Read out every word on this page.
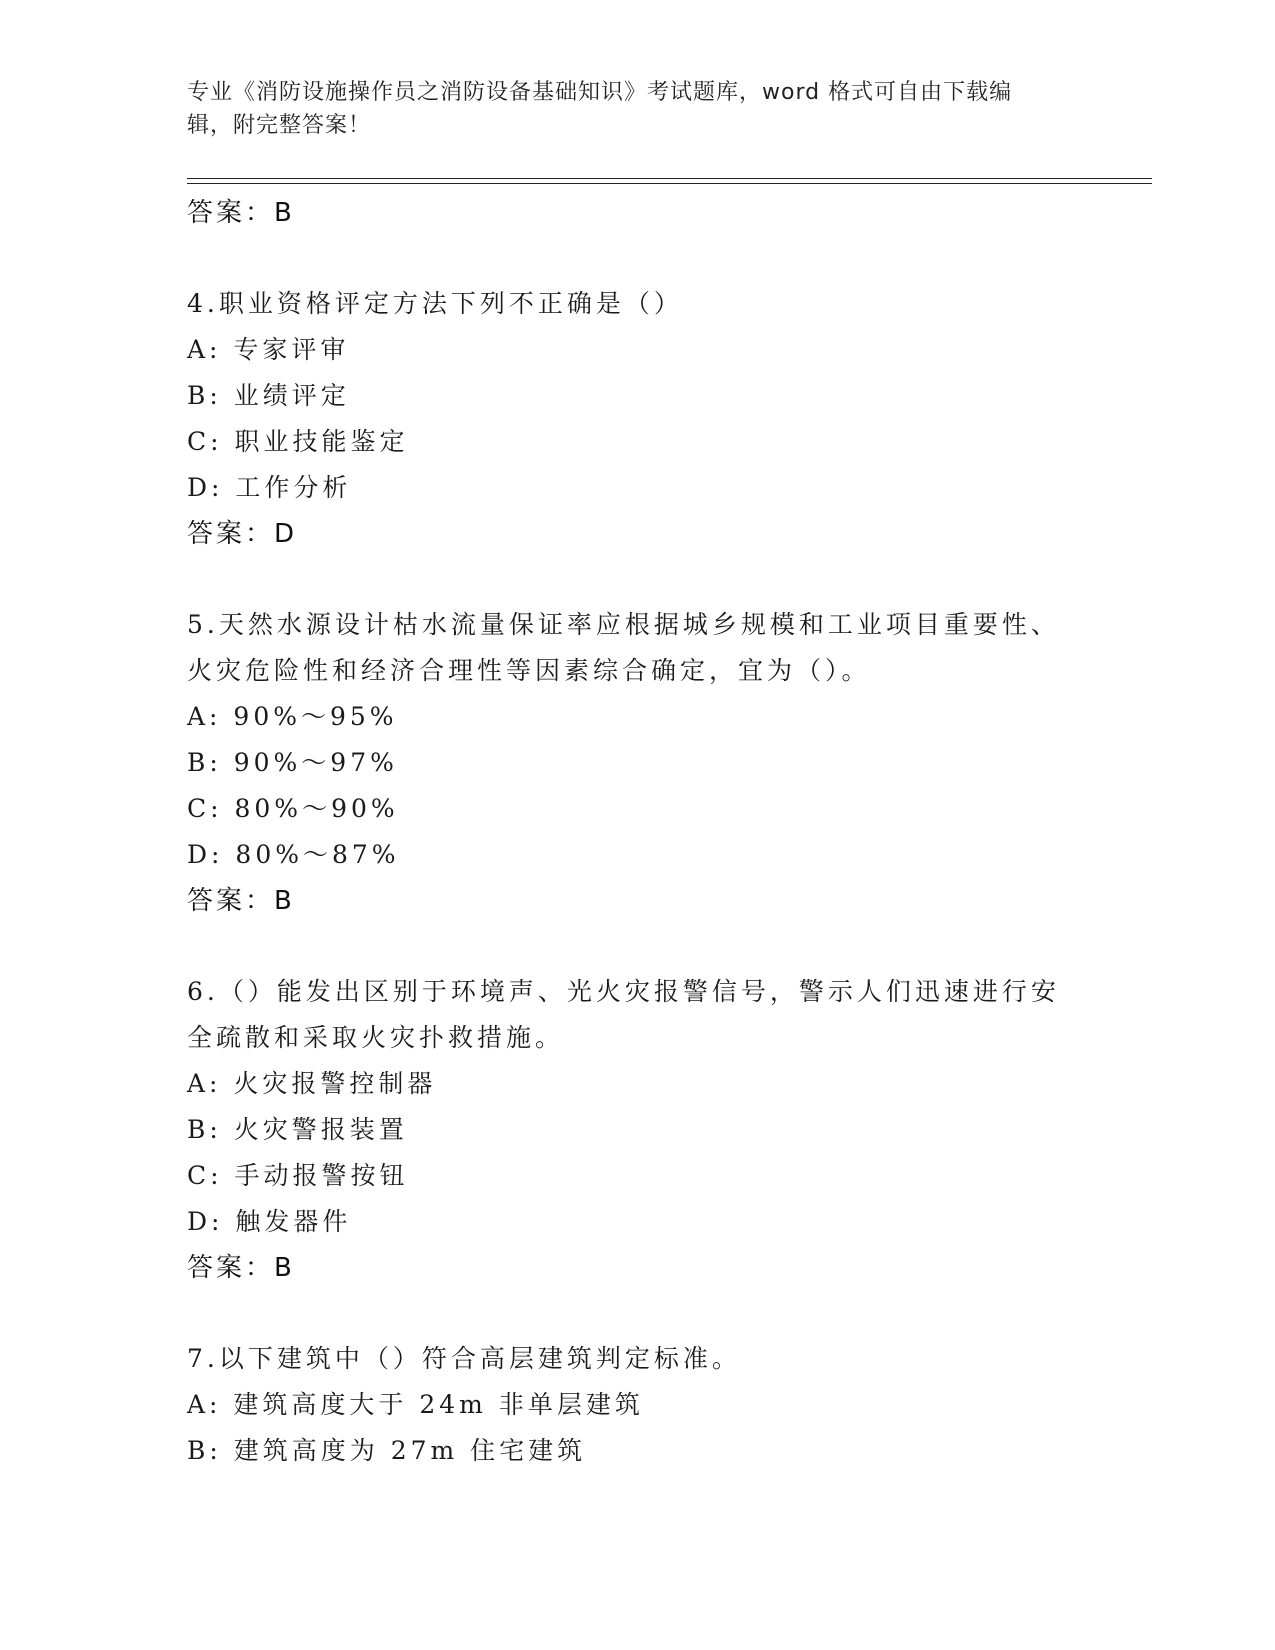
专业《消防设施操作员之消防设备基础知识》考试题库，word 格式可自由下载编
辑，附完整答案！
答案：B
4.职业资格评定方法下列不正确是（）
A: 专家评审
B: 业绩评定
C: 职业技能鉴定
D: 工作分析
答案：D
5.天然水源设计枯水流量保证率应根据城乡规模和工业项目重要性、
火灾危险性和经济合理性等因素综合确定，宜为（）。
A: 90%～95%
B: 90%～97%
C: 80%～90%
D: 80%～87%
答案：B
6.（）能发出区别于环境声、光火灾报警信号，警示人们迅速进行安
全疏散和采取火灾扑救措施。
A: 火灾报警控制器
B: 火灾警报装置
C: 手动报警按钮
D: 触发器件
答案：B
7.以下建筑中（）符合高层建筑判定标准。
A: 建筑高度大于 24m 非单层建筑
B: 建筑高度为 27m 住宅建筑
